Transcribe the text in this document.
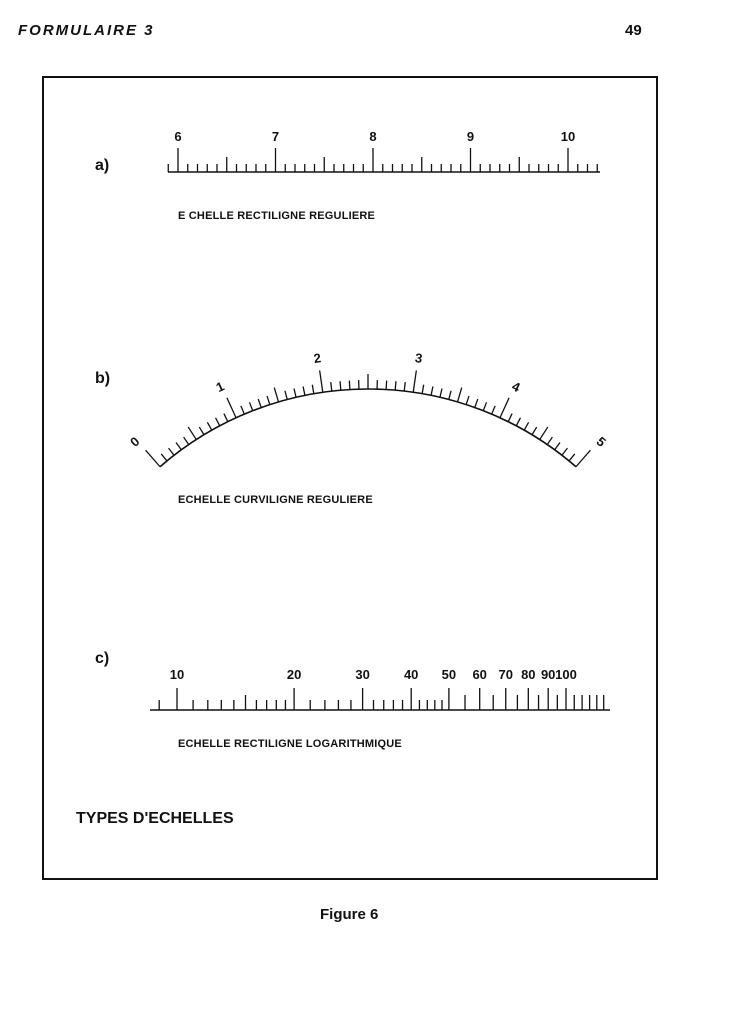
FORMULAIRE 3	49
a)
E CHELLE RECTILIGNE REGULIERE
b)
ECHELLE CURVILIGNE REGULIERE
c)
ECHELLE RECTILIGNE LOGARITHMIQUE
TYPES D'ECHELLES
Figure 6
6	7	8	9	10
0
1
2	3
4
5
10	20	30	40 50 60 70 80 90 100
